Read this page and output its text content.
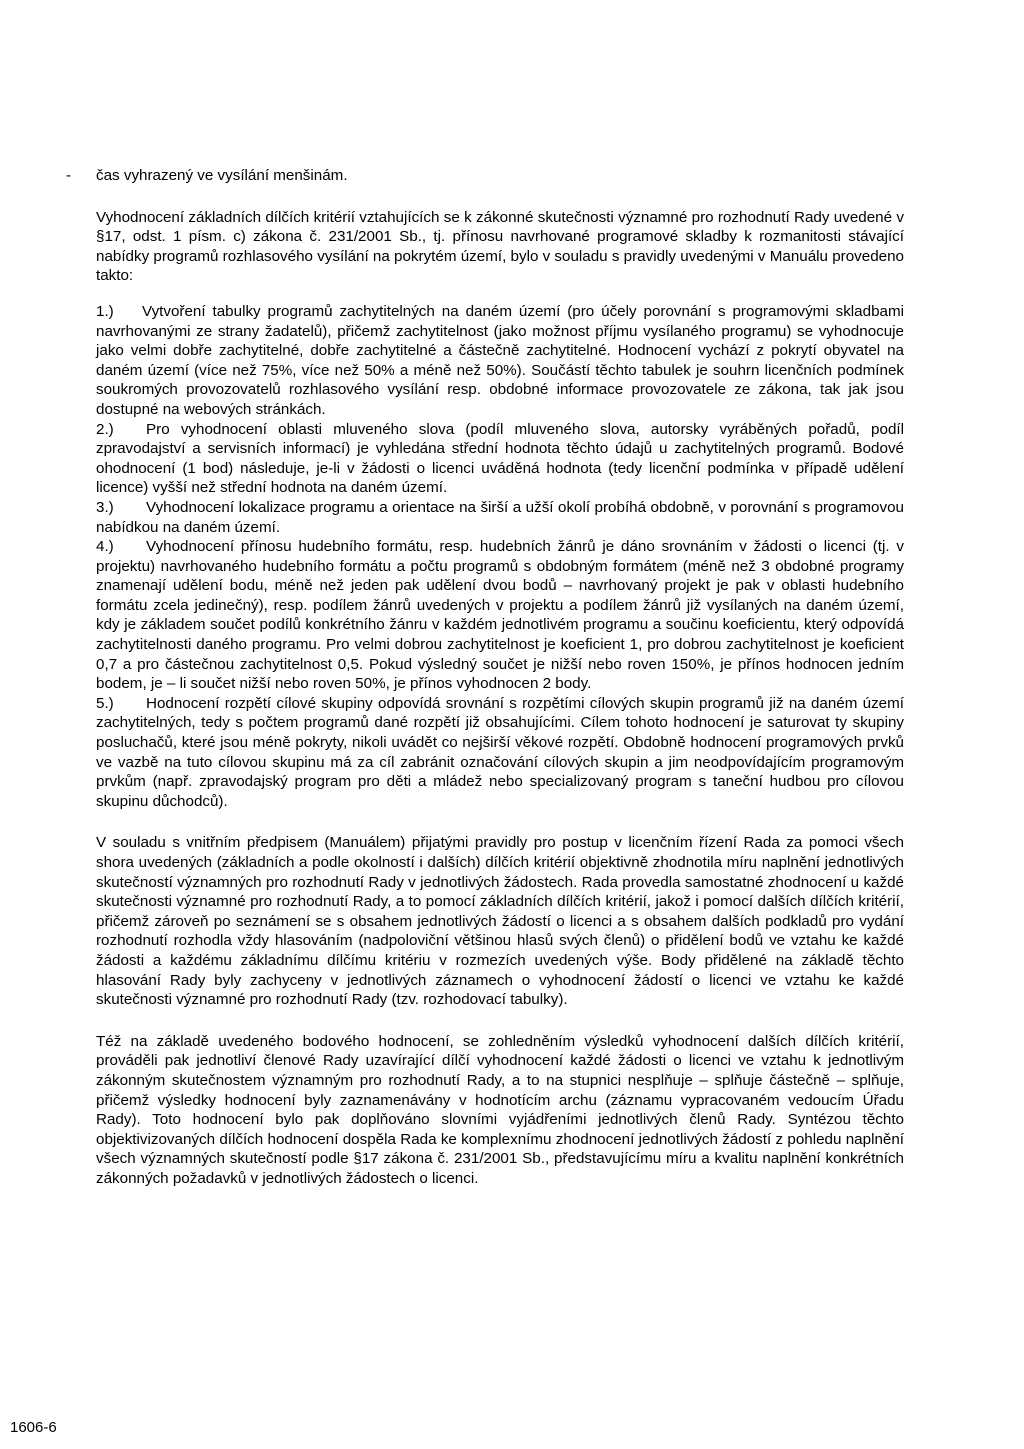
- čas vyhrazený ve vysílání menšinám.

Vyhodnocení základních dílčích kritérií vztahujících se k zákonné skutečnosti významné pro rozhodnutí Rady uvedené v §17, odst. 1 písm. c) zákona č. 231/2001 Sb., tj. přínosu navrhované programové skladby k rozmanitosti stávající nabídky programů rozhlasového vysílání na pokrytém území, bylo v souladu s pravidly uvedenými v Manuálu provedeno takto:

1.) Vytvoření tabulky programů zachytitelných na daném území (pro účely porovnání s programovými skladbami navrhovanými ze strany žadatelů), přičemž zachytitelnost (jako možnost příjmu vysílaného programu) se vyhodnocuje jako velmi dobře zachytitelné, dobře zachytitelné a částečně zachytitelné. Hodnocení vychází z pokrytí obyvatel na daném území (více než 75%, více než 50% a méně než 50%). Součástí těchto tabulek je souhrn licenčních podmínek soukromých provozovatelů rozhlasového vysílání resp. obdobné informace provozovatele ze zákona, tak jak jsou dostupné na webových stránkách.

2.) Pro vyhodnocení oblasti mluveného slova (podíl mluveného slova, autorsky vyráběných pořadů, podíl zpravodajství a servisních informací) je vyhledána střední hodnota těchto údajů u zachytitelných programů. Bodové ohodnocení (1 bod) následuje, je-li v žádosti o licenci uváděná hodnota (tedy licenční podmínka v případě udělení licence) vyšší než střední hodnota na daném území.

3.) Vyhodnocení lokalizace programu a orientace na širší a užší okolí probíhá obdobně, v porovnání s programovou nabídkou na daném území.

4.) Vyhodnocení přínosu hudebního formátu, resp. hudebních žánrů je dáno srovnáním v žádosti o licenci (tj. v projektu) navrhovaného hudebního formátu a počtu programů s obdobným formátem (méně než 3 obdobné programy znamenají udělení bodu, méně než jeden pak udělení dvou bodů – navrhovaný projekt je pak v oblasti hudebního formátu zcela jedinečný), resp. podílem žánrů uvedených v projektu a podílem žánrů již vysílaných na daném území, kdy je základem součet podílů konkrétního žánru v každém jednotlivém programu a součinu koeficientu, který odpovídá zachytitelnosti daného programu. Pro velmi dobrou zachytitelnost je koeficient 1, pro dobrou zachytitelnost je koeficient 0,7 a pro částečnou zachytitelnost 0,5. Pokud výsledný součet je nižší nebo roven 150%, je přínos hodnocen jedním bodem, je – li součet nižší nebo roven 50%, je přínos vyhodnocen 2 body.

5.) Hodnocení rozpětí cílové skupiny odpovídá srovnání s rozpětími cílových skupin programů již na daném území zachytitelných, tedy s počtem programů dané rozpětí již obsahujícími. Cílem tohoto hodnocení je saturovat ty skupiny posluchačů, které jsou méně pokryty, nikoli uvádět co nejširší věkové rozpětí. Obdobně hodnocení programových prvků ve vazbě na tuto cílovou skupinu má za cíl zabránit označování cílových skupin a jim neodpovídajícím programovým prvkům (např. zpravodajský program pro děti a mládež nebo specializovaný program s taneční hudbou pro cílovou skupinu důchodců).

V souladu s vnitřním předpisem (Manuálem) přijatými pravidly pro postup v licenčním řízení Rada za pomoci všech shora uvedených (základních a podle okolností i dalších) dílčích kritérií objektivně zhodnotila míru naplnění jednotlivých skutečností významných pro rozhodnutí Rady v jednotlivých žádostech. Rada provedla samostatné zhodnocení u každé skutečnosti významné pro rozhodnutí Rady, a to pomocí základních dílčích kritérií, jakož i pomocí dalších dílčích kritérií, přičemž zároveň po seznámení se s obsahem jednotlivých žádostí o licenci a s obsahem dalších podkladů pro vydání rozhodnutí rozhodla vždy hlasováním (nadpoloviční většinou hlasů svých členů) o přidělení bodů ve vztahu ke každé žádosti a každému základnímu dílčímu kritériu v rozmezích uvedených výše. Body přidělené na základě těchto hlasování Rady byly zachyceny v jednotlivých záznamech o vyhodnocení žádostí o licenci ve vztahu ke každé skutečnosti významné pro rozhodnutí Rady (tzv. rozhodovací tabulky).

Též na základě uvedeného bodového hodnocení, se zohledněním výsledků vyhodnocení dalších dílčích kritérií, prováděli pak jednotliví členové Rady uzavírající dílčí vyhodnocení každé žádosti o licenci ve vztahu k jednotlivým zákonným skutečnostem významným pro rozhodnutí Rady, a to na stupnici nesplňuje – splňuje částečně – splňuje, přičemž výsledky hodnocení byly zaznamenávány v hodnotícím archu (záznamu vypracovaném vedoucím Úřadu Rady). Toto hodnocení bylo pak doplňováno slovními vyjádřeními jednotlivých členů Rady. Syntézou těchto objektivizovaných dílčích hodnocení dospěla Rada ke komplexnímu zhodnocení jednotlivých žádostí z pohledu naplnění všech významných skutečností podle §17 zákona č. 231/2001 Sb., představujícímu míru a kvalitu naplnění konkrétních zákonných požadavků v jednotlivých žádostech o licenci.

1606-6
